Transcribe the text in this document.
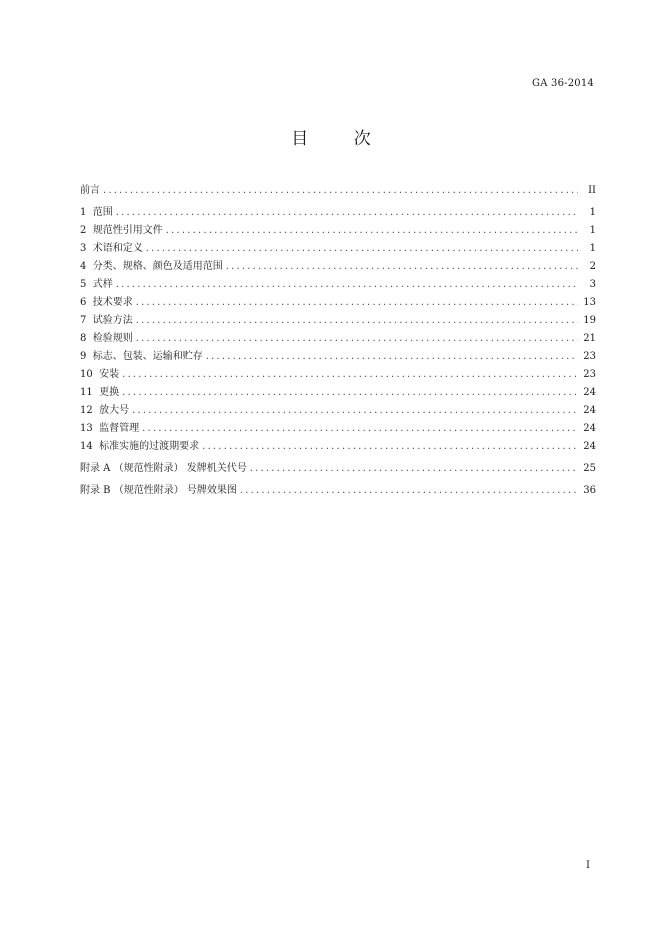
GA 36-2014
目 次
前言 .....	II
1  范围 .....	1
2  规范性引用文件 .....	1
3  术语和定义 .....	1
4  分类、规格、颜色及适用范围 .....	2
5  式样 .....	3
6  技术要求 .....	13
7  试验方法 .....	19
8  检验规则 .....	21
9  标志、包装、运输和贮存 .....	23
10  安装 .....	23
11  更换 .....	24
12  放大号 .....	24
13  监督管理 .....	24
14  标准实施的过渡期要求 .....	24
附录 A （规范性附录） 发牌机关代号 .....	25
附录 B （规范性附录） 号牌效果图 .....	36
I
